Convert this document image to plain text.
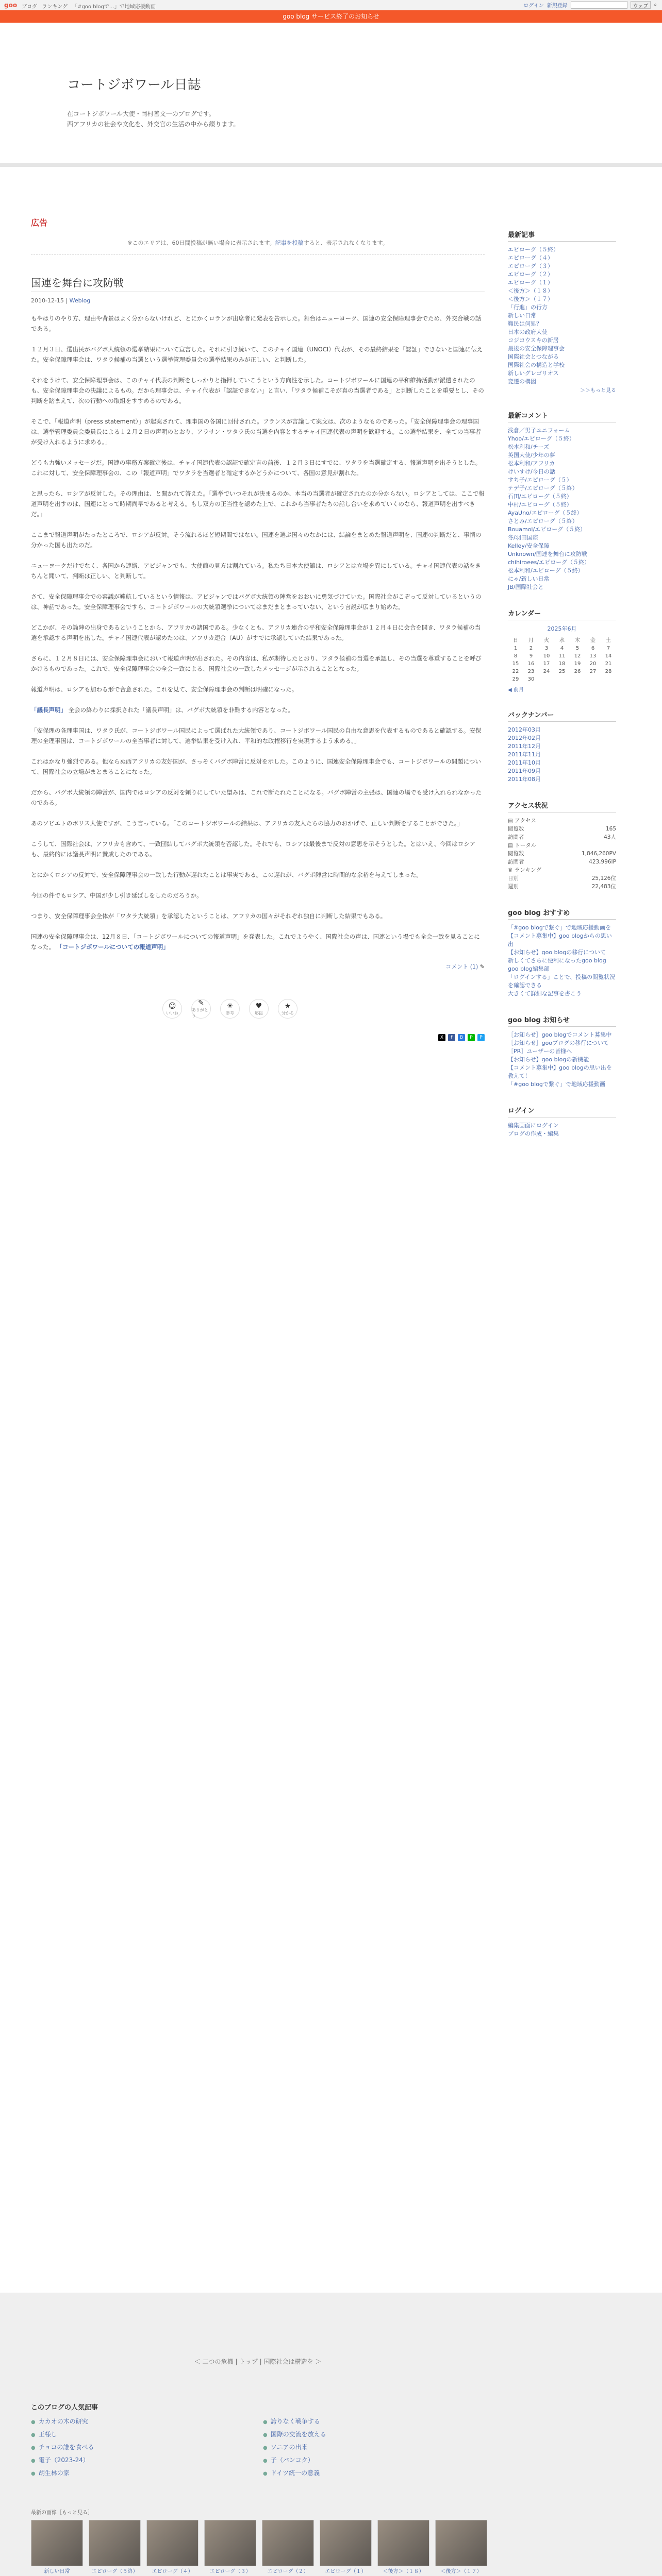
goo ブログ ランキング 「#goo blogで…」で地域応援動画	ログイン 新規登録	ウェブ	⌕
goo blog サービス終了のお知らせ
コートジボワール日誌
在コートジボワール大使・岡村善文一のブログです。
西アフリカの社会や文化を、外交官の生活の中から綴ります。
広告
※このエリアは、60日間投稿が無い場合に表示されます。記事を投稿すると、表示されなくなります。
国連を舞台に攻防戦
2010-12-15 | Weblog

もやはりのやり方、理由や背景はよく分からないけれど、とにかくロランが出席者に発表を告示した。舞台はニューヨーク、国連の安全保障理事会でため、外交合戦の話である。

１２月３日、選出民がバグボ大統領の選挙結果について宣言した。それに引き続いて、このチャイ国連（UNOCI）代表が、その最終結果を「認証」できないと国連に伝えた。安全保障理事会は、ワタラ候補の当選という選挙管理委員会の選挙結果のみが正しい、と判断した。

それをうけて、安全保障理事会は、このチャイ代表の判断をしっかりと指揮していこうという方向性を示した。コートジボワールに国連の平和維持活動が派遣されたのも、安全保障理事会の決議によるもの。だから理事会は、チャイ代表が「認証できない」と言い、「ワタラ候補こそが真の当選者である」と判断したことを重要とし、その判断を踏まえて、次の行動への取組をすすめるのである。

そこで、「報道声明（press statement）」が起案されて、理事国の各国に回付された。フランスが言議して案文は、次のようなものであった。「安全保障理事会の理事国は、選挙管理委員会委員長による１２月２日の声明のとおり、アラサン・ワタラ氏の当選を内容とするチャイ国連代表の声明を歓迎する。この選挙結果を、全ての当事者が受け入れるように求める。」

どうも力強いメッセージだ。国連の事務方案確定後は、チャイ国連代表の認証で確定言の前後、１２月３日にすでに、ワタラを当選確定する、報道声明を出そうとした。これに対して、安全保障理事会の、この「報道声明」でワタラを当選者と確定するかどうかについて、各国の意見が割れた。

と思ったら、ロシアが反対した。その理由は、と聞かれて答えた。「選挙でいつそれが決まるのか、本当の当選者が確定されたのか分からない。ロシアとしては、ここで報道声明を出すのは、国連にとって時期尚早であると考える。もし双方の正当性を認めた上で、これから当事者たちの話し合いを求めていくのなら、報道声明を出すべきだ。」

ここまで報道声明がたったところで、ロシアが反対。そう流れるほど短期間ではない。国連を選ぶ国々のなかには、結論をまとめた報道声明を、国連の判断だと、事情の分かった国も出たのだ。

ニューヨークだけでなく、各国から連絡、アビジャンでも、大使館の見方は割れている。私たち日本大使館は、ロシアとは立場を異にしている。チャイ国連代表の話をきちんと聞いて、判断は正しい、と判断して。

さて、安全保障理事会での審議が難航しているという情報は、アビジャンではバグボ大統領の陣営をおおいに勇気づけていた。国際社会がこぞって反対しているというのは、神話であった。安全保障理事会ですら、コートジボワールの大統領選挙についてはまだまとまっていない、という言説が広まり始めた。

どこかが、その論陣の出身であるということから、アフリカの諸国である。少なくとも、アフリカ連合の平和安全保障理事会が１２月４日に会合を開き、ワタラ候補の当選を承認する声明を出した。チャイ国連代表が認めたのは、アフリカ連合（AU）がすでに承認していた結果であった。

さらに、１２月８日には、安全保障理事会において報道声明が出された。その内容は、私が期待したとおり、ワタラ候補の当選を承認し、その当選を尊重することを呼びかけるものであった。これで、安全保障理事会の全会一致による、国際社会の一致したメッセージが示されることとなった。

報道声明は、ロシアも加わる形で合意された。これを見て、安全保障理事会の判断は明確になった。

「議長声明」 全会の終わりに採択された「議長声明」は、バグボ大統領を非難する内容となった。

「安保理の各理事国は、ワタラ氏が、コートジボワール国民によって選ばれた大統領であり、コートジボワール国民の自由な意思を代表するものであると確認する。安保理の全理事国は、コートジボワールの全当事者に対して、選挙結果を受け入れ、平和的な政権移行を実現するよう求める。」

これはかなり強烈である。他ならぬ西アフリカの友好国が、さっそくバグボ陣営に反対を示した。このように、国連安全保障理事会でも、コートジボワールの問題について、国際社会の立場がまとまることになった。

だから、バグボ大統領の陣営が、国内ではロシアの反対を頼りにしていた望みは、これで断たれたことになる。バグボ陣営の主張は、国連の場でも受け入れられなかったのである。

あのソビエトのボリス大使ですが、こう言っている。「このコートジボワールの結果は、アフリカの友人たちの協力のおかげで、正しい判断をすることができた。」

こうして、国際社会は、アフリカも含めて、一致団結してバグボ大統領を否認した。それでも、ロシアは最後まで反対の意思を示そうとした。とはいえ、今回はロシアも、最終的には議長声明に賛成したのである。

とにかくロシアの反対で、安全保障理事会の一致した行動が遅れたことは事実である。この遅れが、バグボ陣営に時間的な余裕を与えてしまった。

今回の件でもロシア、中国が少し引き延ばしをしたのだろうか。

つまり、安全保障理事会全体が「ワタラ大統領」を承認したということは、アフリカの国々がそれぞれ独自に判断した結果でもある。

国連の安全保障理事会は、12月８日、「コートジボワールについての報道声明」を発表した。これでようやく、国際社会の声は、国連という場でも全会一致を見ることになった。 「コートジボワールについての報道声明」

コメント (1) ✎
☺
いいね
✎
ありがとう
☀
参考
♥
応援
★
分かる
X	f	B	P	P
最新記事
エピローグ（５終）
エピローグ（４）
エピローグ（３）
エピローグ（２）
エピローグ（１）
＜後方＞（１８）
＜後方＞（１７）
「行進」の行方
新しい日常
難民は何処？
日本の政府大使
コジコウスキの新居
最後の安全保障理事会
国際社会とつながる
国際社会の構造と学校
新しいグレゴリオス
変遷の構図
＞＞もっと見る
最新コメント
浅倉／男子ユニフォーム
Yhoo/エピローグ（５終）
松本利和/チーズ
英国大使/少年の夢
松本利和/アフリカ
けいすけ/今日の話
すち子/エピローグ（５）
テデ子/エピローグ（５終）
石田/エピローグ（５終）
中村/エピローグ（５終）
AyaUno/エピローグ（５終）
さとみ/エピローグ（５終）
Bouamoi/エピローグ（５終）
冬/羽田国際
Kelley/安全保障
Unknown/国連を舞台に攻防戦
chihiroees/エピローグ（５終）
松本利和/エピローグ（５終）
にゃ/新しい日常
JB/国際社会と
カレンダー
2025年6月
日	月	火	水	木	金	土
1	2	3	4	5	6	7
8	9	10	11	12	13	14
15	16	17	18	19	20	21
22	23	24	25	26	27	28
29	30					
◀ 前月
バックナンバー
2012年03月
2012年02月
2011年12月
2011年11月
2011年10月
2011年09月
2011年08月
アクセス状況
▤ アクセス
閲覧数	165
訪問者	43人
▤ トータル
閲覧数	1,846,260PV
訪問者	423,996IP
♛ ランキング
日別	25,126位
週別	22,483位
goo blog おすすめ
「#goo blogで繋ぐ」で地域応援動画を
【コメント募集中】goo blogからの思い出
【お知らせ】goo blogの移行について
新しくてさらに便利になったgoo blog
goo blog編集部
「ログインする」ことで、投稿の閲覧状況を確認できる
大きくて詳細な記事を書こう
goo blog お知らせ
［お知らせ］goo blogでコメント募集中
［お知らせ］gooブログの移行について
［PR］ユーザーの皆様へ
【お知らせ】goo blogの新機能
【コメント募集中】goo blogの思い出を教えて！
「#goo blogで繋ぐ」で地域応援動画
ログイン
編集画面にログイン
ブログの作成・編集
＜ 二つの危機 | トップ | 国際社会は構造を ＞
このブログの人気記事
● カカオの木の研究	● 誇りなく戦争する
● 王様し	● 国際の交流を放える
● チョコの誰を食べる	● ソニアの出来
● 電子（2023-24）	● 子（バンコク）
● 胡生林の家	● ドイツ統一の意義
最新の画像［もっと見る］
新しい日常	エピローグ（５終）	エピローグ（４）	エピローグ（３）	エピローグ（２）	エピローグ（１）	＜後方＞（１８）	＜後方＞（１７）
